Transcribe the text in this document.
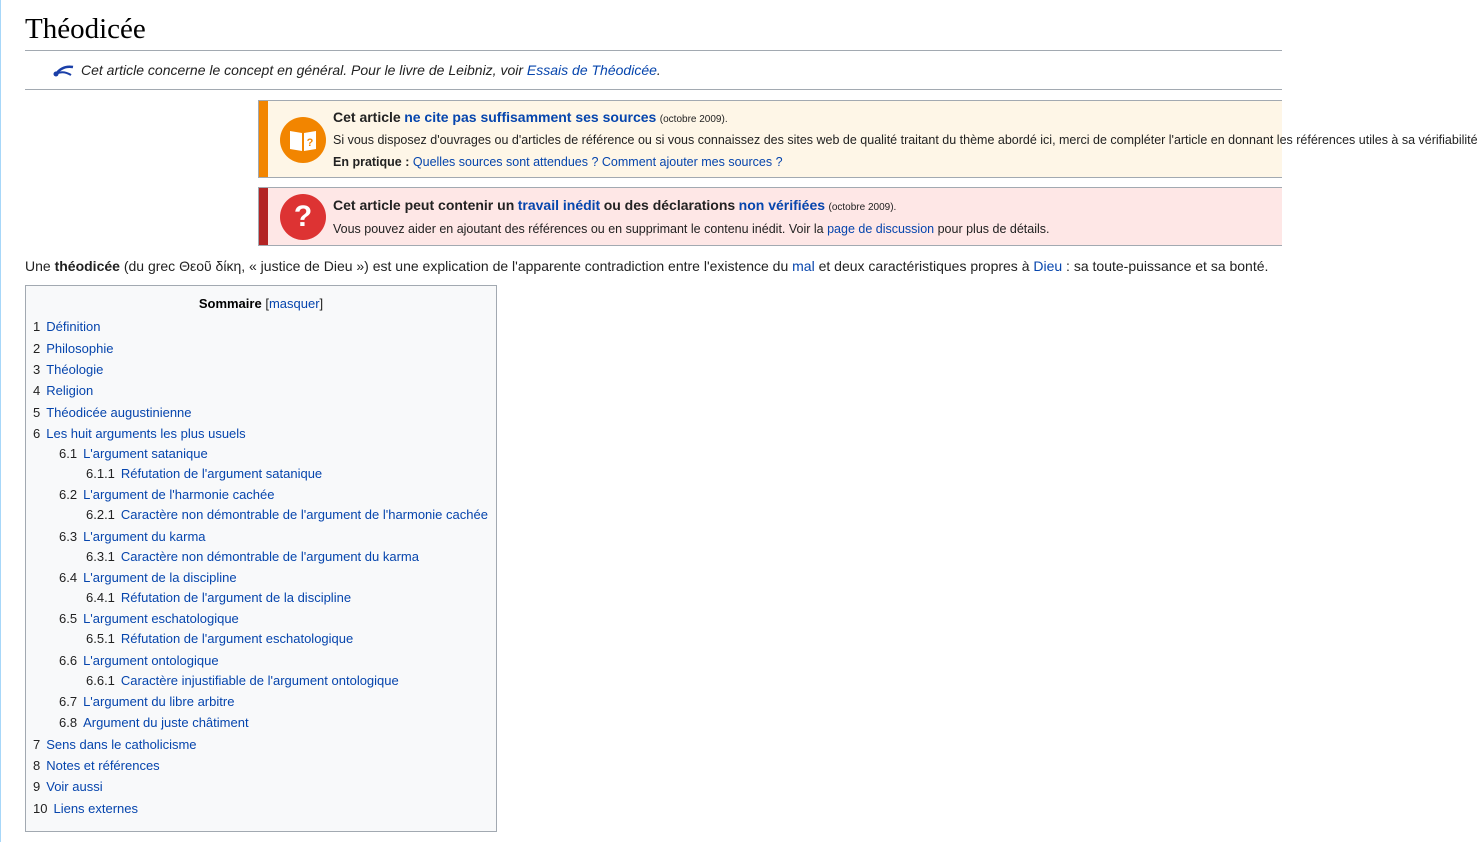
Théodicée
Cet article concerne le concept en général. Pour le livre de Leibniz, voir Essais de Théodicée.
?
Cet article ne cite pas suffisamment ses sources (octobre 2009).
Si vous disposez d'ouvrages ou d'articles de référence ou si vous connaissez des sites web de qualité traitant du thème abordé ici, merci de compléter l'article en donnant les références utiles à sa vérifiabilité
En pratique : Quelles sources sont attendues ? Comment ajouter mes sources ?
? Cet article peut contenir un travail inédit ou des déclarations non vérifiées (octobre 2009).
Vous pouvez aider en ajoutant des références ou en supprimant le contenu inédit. Voir la page de discussion pour plus de détails.
Une théodicée (du grec Θεοῦ δίκη, « justice de Dieu ») est une explication de l'apparente contradiction entre l'existence du mal et deux caractéristiques propres à Dieu : sa toute-puissance et sa bonté.
Sommaire [masquer]
1 Définition
2 Philosophie
3 Théologie
4 Religion
5 Théodicée augustinienne
6 Les huit arguments les plus usuels
6.1 L'argument satanique
6.1.1 Réfutation de l'argument satanique
6.2 L'argument de l'harmonie cachée
6.2.1 Caractère non démontrable de l'argument de l'harmonie cachée
6.3 L'argument du karma
6.3.1 Caractère non démontrable de l'argument du karma
6.4 L'argument de la discipline
6.4.1 Réfutation de l'argument de la discipline
6.5 L'argument eschatologique
6.5.1 Réfutation de l'argument eschatologique
6.6 L'argument ontologique
6.6.1 Caractère injustifiable de l'argument ontologique
6.7 L'argument du libre arbitre
6.8 Argument du juste châtiment
7 Sens dans le catholicisme
8 Notes et références
9 Voir aussi
10 Liens externes
